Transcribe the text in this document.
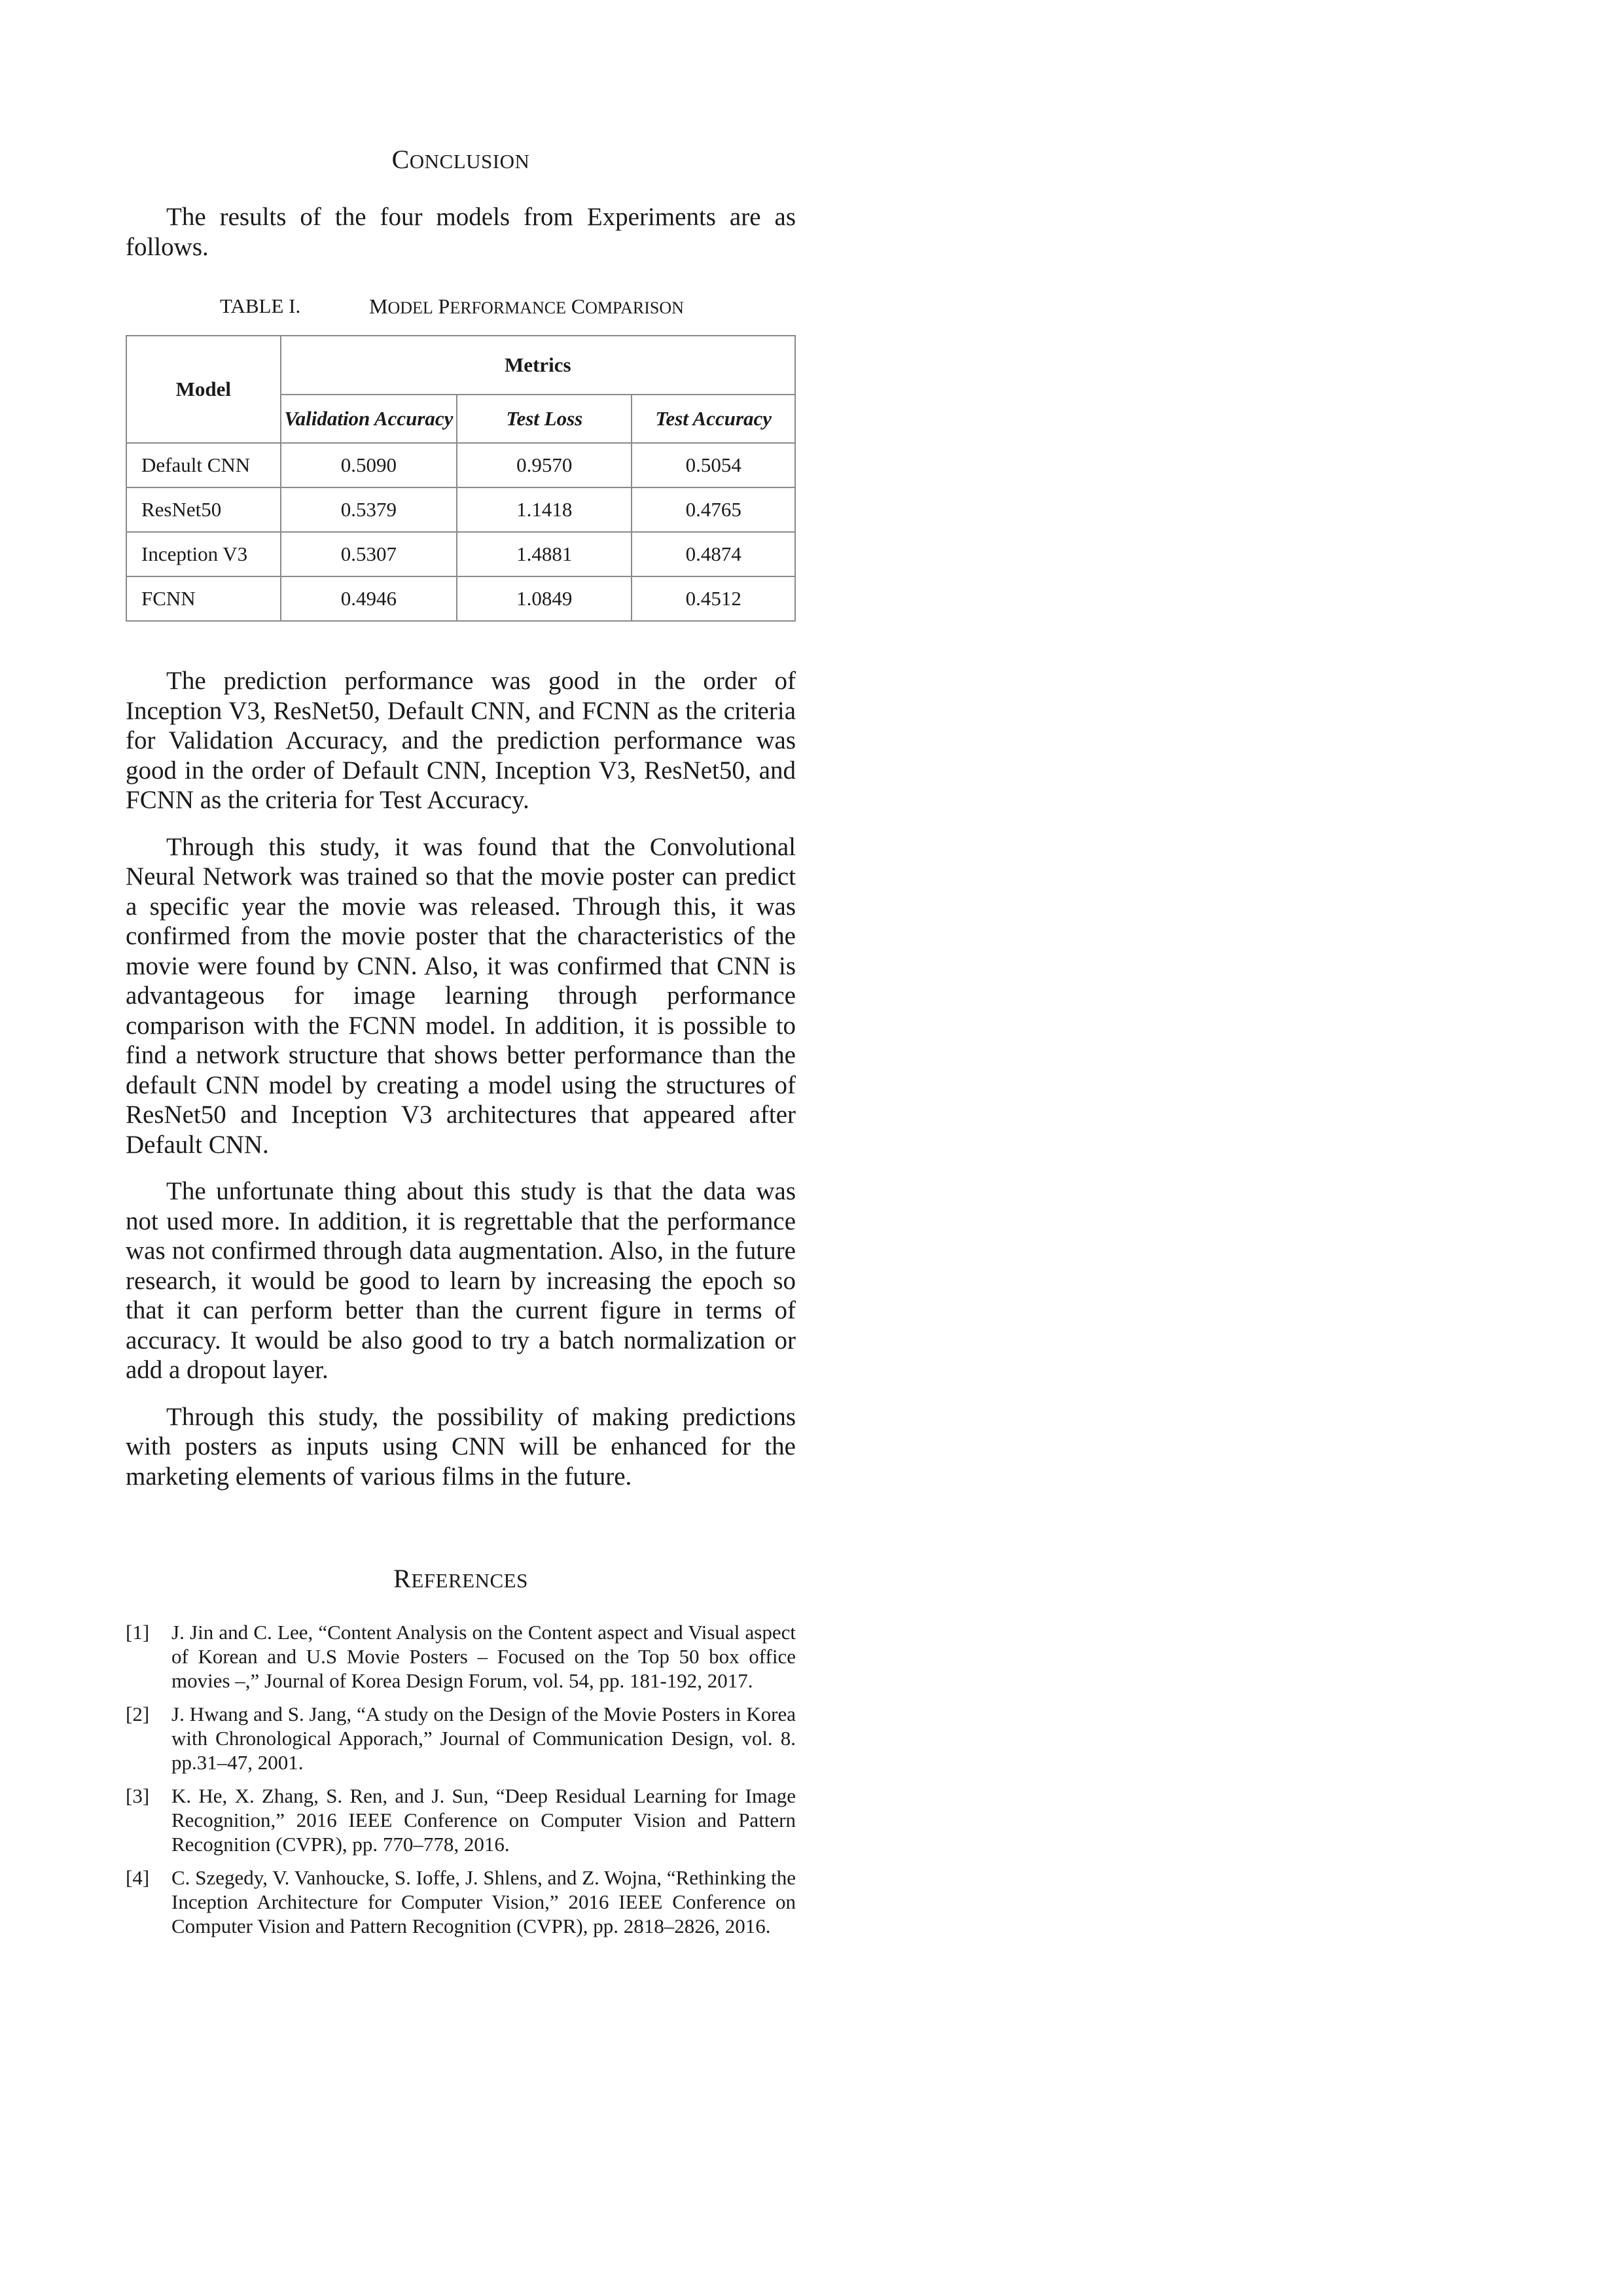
CONCLUSION

The results of the four models from Experiments are as follows.

TABLE I.	MODEL PERFORMANCE COMPARISON
Model	Metrics		
	Validation Accuracy	Test Loss	Test Accuracy
Default CNN	0.5090	0.9570	0.5054
ResNet50	0.5379	1.1418	0.4765
Inception V3	0.5307	1.4881	0.4874
FCNN	0.4946	1.0849	0.4512

The prediction performance was good in the order of Inception V3, ResNet50, Default CNN, and FCNN as the criteria for Validation Accuracy, and the prediction performance was good in the order of Default CNN, Inception V3, ResNet50, and FCNN as the criteria for Test Accuracy.

Through this study, it was found that the Convolutional Neural Network was trained so that the movie poster can predict a specific year the movie was released. Through this, it was confirmed from the movie poster that the characteristics of the movie were found by CNN. Also, it was confirmed that CNN is advantageous for image learning through performance comparison with the FCNN model. In addition, it is possible to find a network structure that shows better performance than the default CNN model by creating a model using the structures of ResNet50 and Inception V3 architectures that appeared after Default CNN.

The unfortunate thing about this study is that the data was not used more. In addition, it is regrettable that the performance was not confirmed through data augmentation. Also, in the future research, it would be good to learn by increasing the epoch so that it can perform better than the current figure in terms of accuracy. It would be also good to try a batch normalization or add a dropout layer.

Through this study, the possibility of making predictions with posters as inputs using CNN will be enhanced for the marketing elements of various films in the future.

REFERENCES
[1]	J. Jin and C. Lee, “Content Analysis on the Content aspect and Visual aspect of Korean and U.S Movie Posters – Focused on the Top 50 box office movies –,” Journal of Korea Design Forum, vol. 54, pp. 181-192, 2017.
[2]	J. Hwang and S. Jang, “A study on the Design of the Movie Posters in Korea with Chronological Apporach,” Journal of Communication Design, vol. 8. pp.31–47, 2001.
[3]	K. He, X. Zhang, S. Ren, and J. Sun, “Deep Residual Learning for Image Recognition,” 2016 IEEE Conference on Computer Vision and Pattern Recognition (CVPR), pp. 770–778, 2016.
[4]	C. Szegedy, V. Vanhoucke, S. Ioffe, J. Shlens, and Z. Wojna, “Rethinking the Inception Architecture for Computer Vision,” 2016 IEEE Conference on Computer Vision and Pattern Recognition (CVPR), pp. 2818–2826, 2016.
